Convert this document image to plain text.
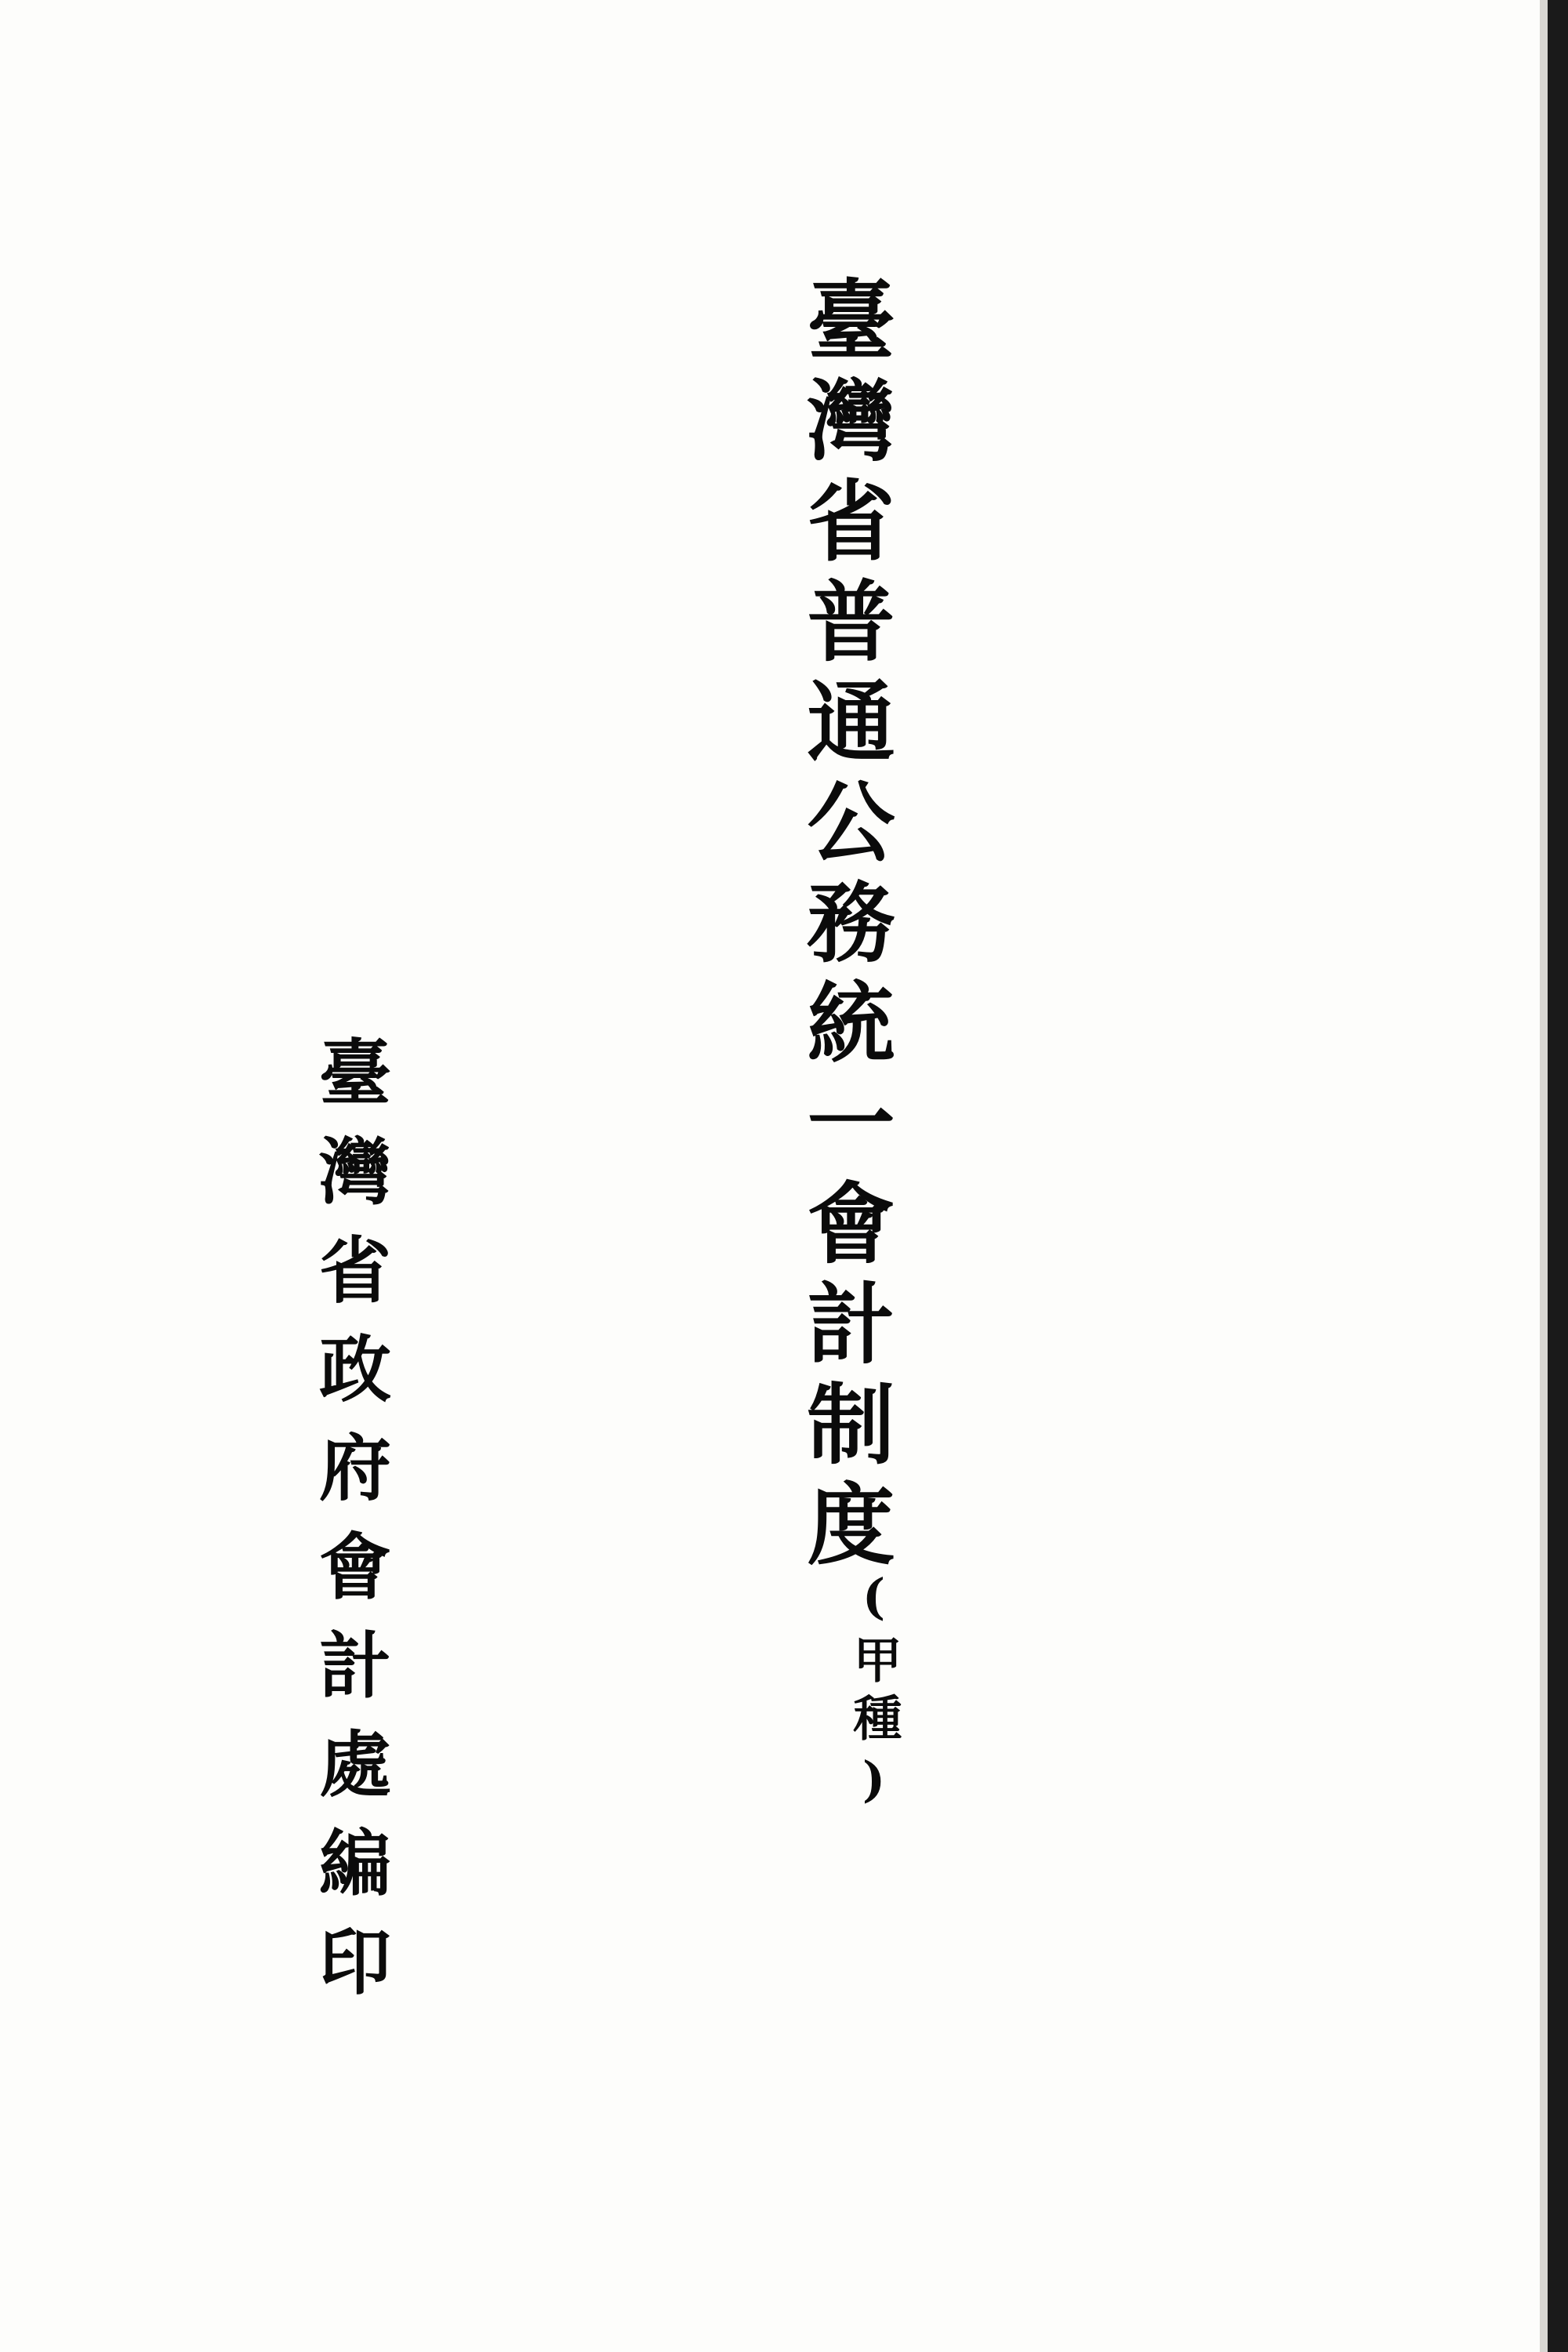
臺灣省普通公務統一會計制度
(甲種)
臺灣省政府會計處編印
